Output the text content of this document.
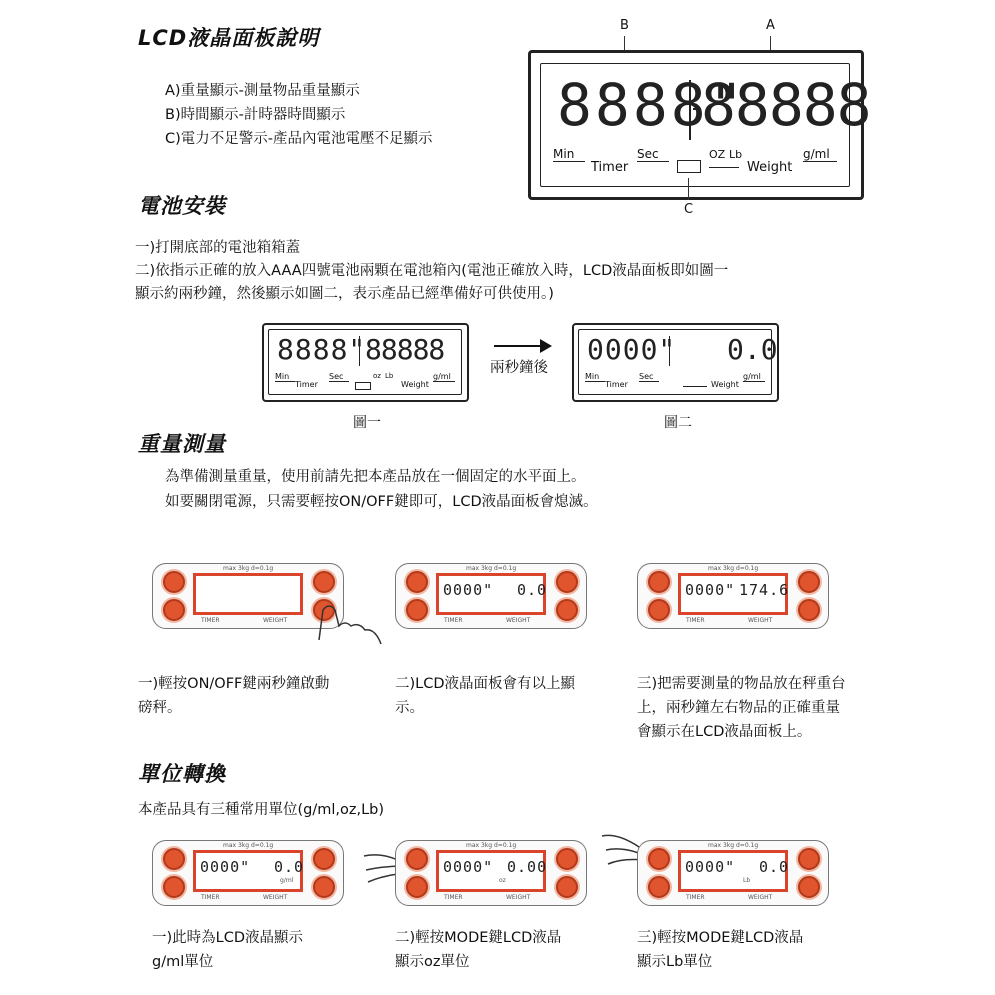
LCD液晶面板說明
A)重量顯示-測量物品重量顯示
B)時間顯示-計時器時間顯示
C)電力不足警示-產品內電池電壓不足顯示
B	A
8888"
88888
Min
Timer
Sec	OZ Lb
Weight
g/ml
C
電池安裝
一)打開底部的電池箱箱蓋
二)依指示正確的放入AAA四號電池兩顆在電池箱內(電池正確放入時，LCD液晶面板即如圖一
顯示約兩秒鐘，然後顯示如圖二，表示產品已經準備好可供使用。)
8888"
88888
Min
Timer
Sec	oz Lb
Weight
g/ml
圖一
兩秒鐘後
0000" 0.0
Min
Timer
Sec
Weight
g/ml
圖二
重量測量
為準備測量重量，使用前請先把本產品放在一個固定的水平面上。
如要關閉電源，只需要輕按ON/OFF鍵即可，LCD液晶面板會熄滅。
max 3kg d=0.1g
TIMER	WEIGHT
max 3kg d=0.1g
0000" 0.0
TIMER	WEIGHT
max 3kg d=0.1g
0000" 174.6
TIMER	WEIGHT
一)輕按ON/OFF鍵兩秒鐘啟動磅秤。
二)LCD液晶面板會有以上顯示。
三)把需要測量的物品放在秤重台上，兩秒鐘左右物品的正確重量會顯示在LCD液晶面板上。
單位轉換
本產品具有三種常用單位(g/ml,oz,Lb)
max 3kg d=0.1g
0000" 0.0
g/ml
TIMER	WEIGHT
max 3kg d=0.1g
0000" 0.00
oz
TIMER	WEIGHT
max 3kg d=0.1g
0000" 0.0
Lb
TIMER	WEIGHT
一)此時為LCD液晶顯示g/ml單位
二)輕按MODE鍵LCD液晶顯示oz單位
三)輕按MODE鍵LCD液晶顯示Lb單位
